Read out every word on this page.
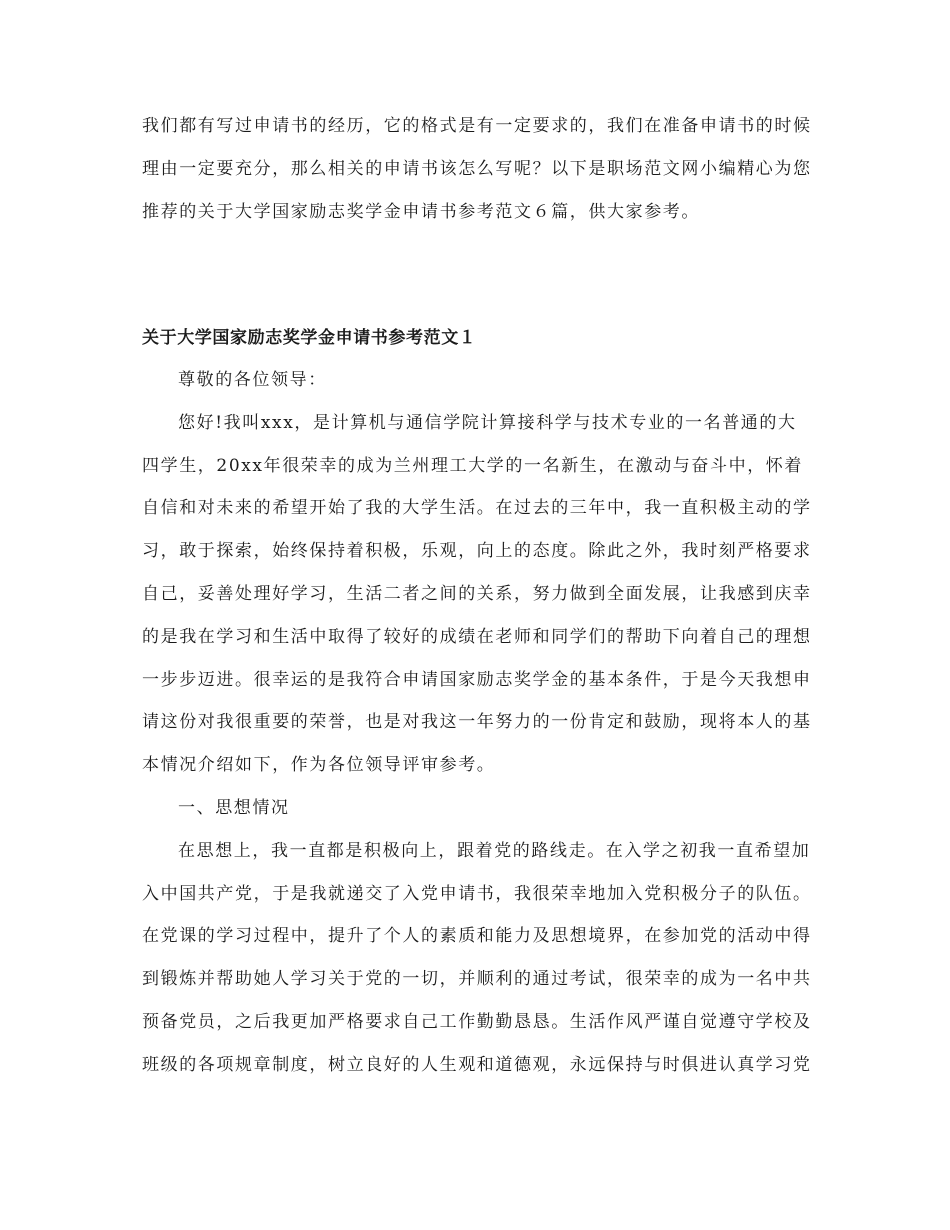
我们都有写过申请书的经历，它的格式是有一定要求的，我们在准备申请书的时候
理由一定要充分，那么相关的申请书该怎么写呢？以下是职场范文网小编精心为您
推荐的关于大学国家励志奖学金申请书参考范文６篇，供大家参考。
关于大学国家励志奖学金申请书参考范文１
尊敬的各位领导：
您好!我叫xxx，是计算机与通信学院计算接科学与技术专业的一名普通的大
四学生，20xx年很荣幸的成为兰州理工大学的一名新生，在激动与奋斗中，怀着
自信和对未来的希望开始了我的大学生活。在过去的三年中，我一直积极主动的学
习，敢于探索，始终保持着积极，乐观，向上的态度。除此之外，我时刻严格要求
自己，妥善处理好学习，生活二者之间的关系，努力做到全面发展，让我感到庆幸
的是我在学习和生活中取得了较好的成绩在老师和同学们的帮助下向着自己的理想
一步步迈进。很幸运的是我符合申请国家励志奖学金的基本条件，于是今天我想申
请这份对我很重要的荣誉，也是对我这一年努力的一份肯定和鼓励，现将本人的基
本情况介绍如下，作为各位领导评审参考。
一、思想情况
在思想上，我一直都是积极向上，跟着党的路线走。在入学之初我一直希望加
入中国共产党，于是我就递交了入党申请书，我很荣幸地加入党积极分子的队伍。
在党课的学习过程中，提升了个人的素质和能力及思想境界，在参加党的活动中得
到锻炼并帮助她人学习关于党的一切，并顺利的通过考试，很荣幸的成为一名中共
预备党员，之后我更加严格要求自己工作勤勤恳恳。生活作风严谨自觉遵守学校及
班级的各项规章制度，树立良好的人生观和道德观，永远保持与时俱进认真学习党
